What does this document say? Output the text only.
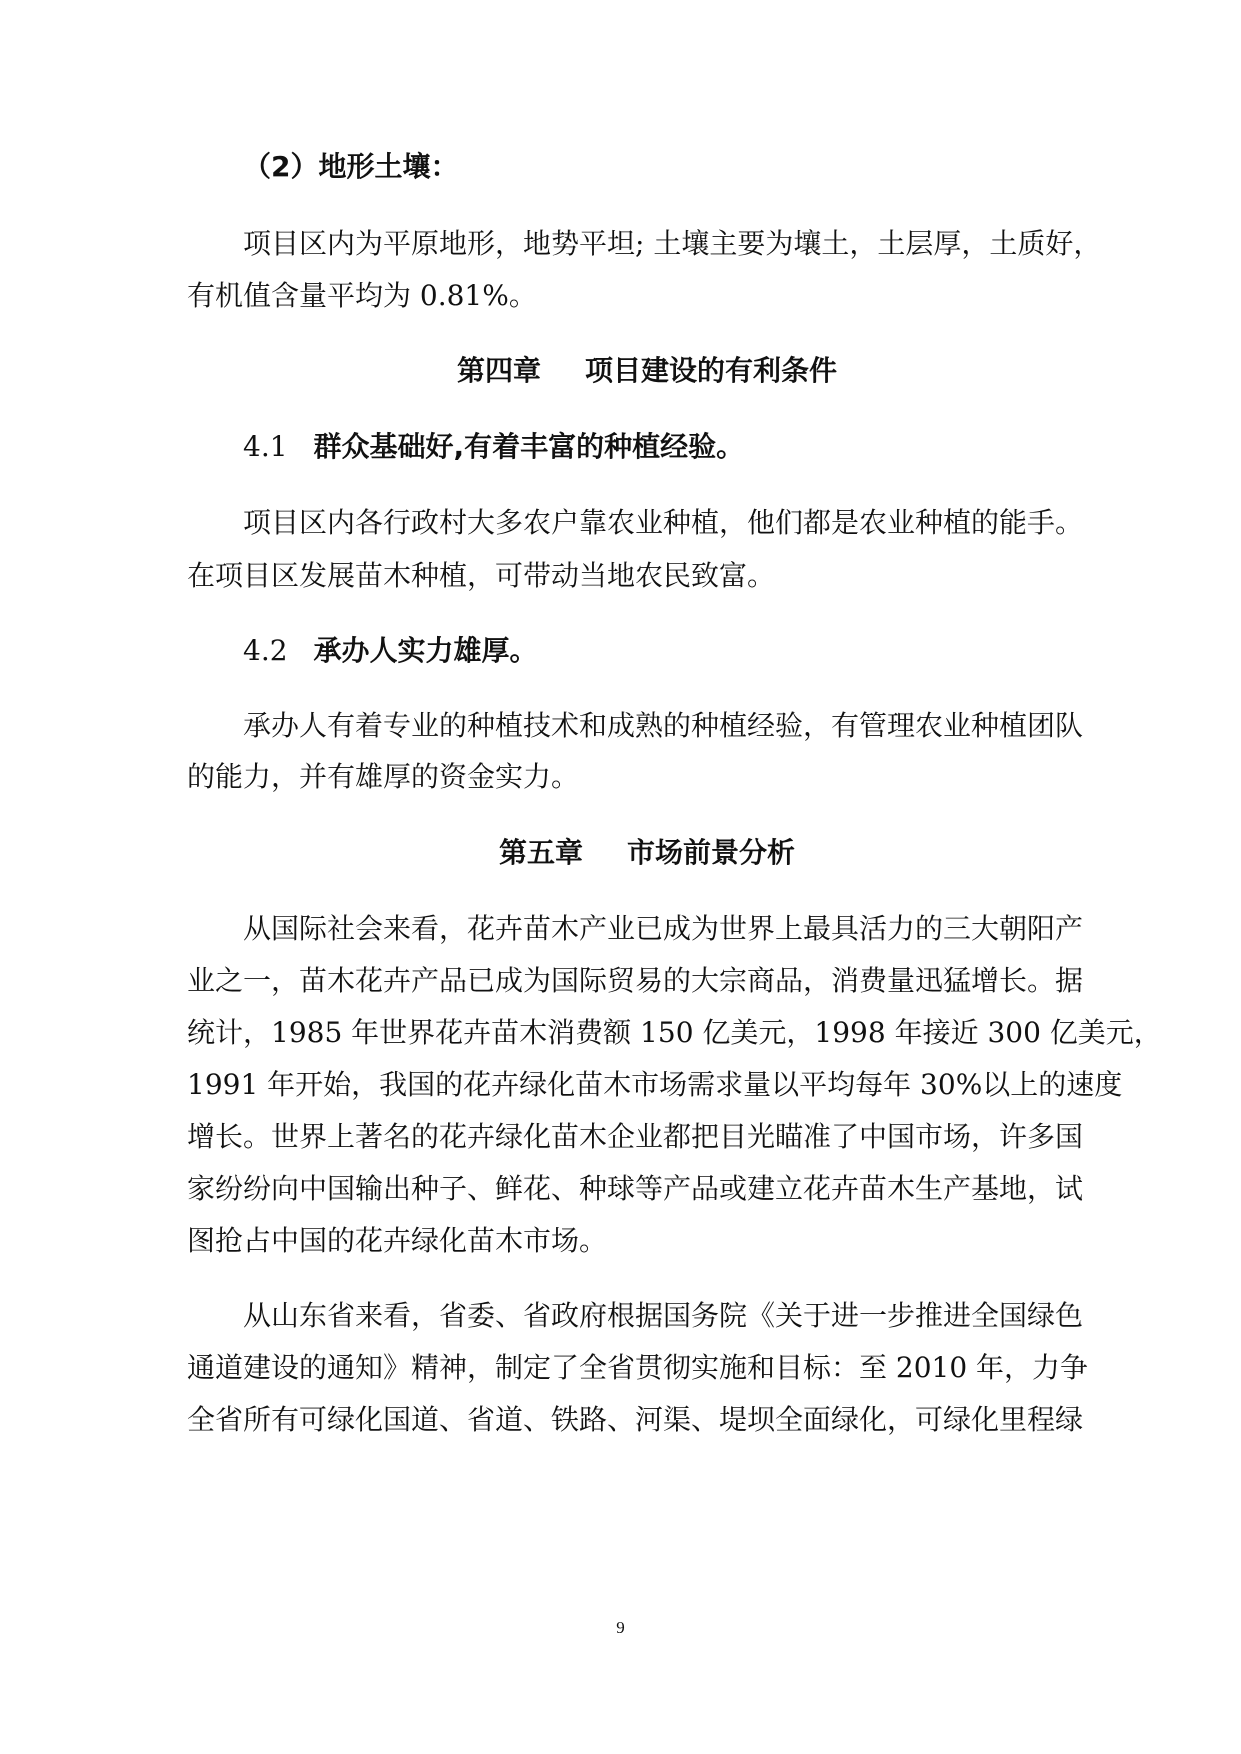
（2）地形土壤：
项目区内为平原地形，地势平坦; 土壤主要为壤土，土层厚，土质好，
有机值含量平均为 0.81%。
第四章 项目建设的有利条件
4.1 群众基础好,有着丰富的种植经验。
项目区内各行政村大多农户靠农业种植，他们都是农业种植的能手。
在项目区发展苗木种植，可带动当地农民致富。
4.2 承办人实力雄厚。
承办人有着专业的种植技术和成熟的种植经验，有管理农业种植团队
的能力，并有雄厚的资金实力。
第五章 市场前景分析
从国际社会来看，花卉苗木产业已成为世界上最具活力的三大朝阳产
业之一，苗木花卉产品已成为国际贸易的大宗商品，消费量迅猛增长。据
统计，1985 年世界花卉苗木消费额 150 亿美元，1998 年接近 300 亿美元，
1991 年开始，我国的花卉绿化苗木市场需求量以平均每年 30%以上的速度
增长。世界上著名的花卉绿化苗木企业都把目光瞄准了中国市场，许多国
家纷纷向中国输出种子、鲜花、种球等产品或建立花卉苗木生产基地，试
图抢占中国的花卉绿化苗木市场。
从山东省来看，省委、省政府根据国务院《关于进一步推进全国绿色
通道建设的通知》精神，制定了全省贯彻实施和目标：至 2010 年，力争
全省所有可绿化国道、省道、铁路、河渠、堤坝全面绿化，可绿化里程绿
9
